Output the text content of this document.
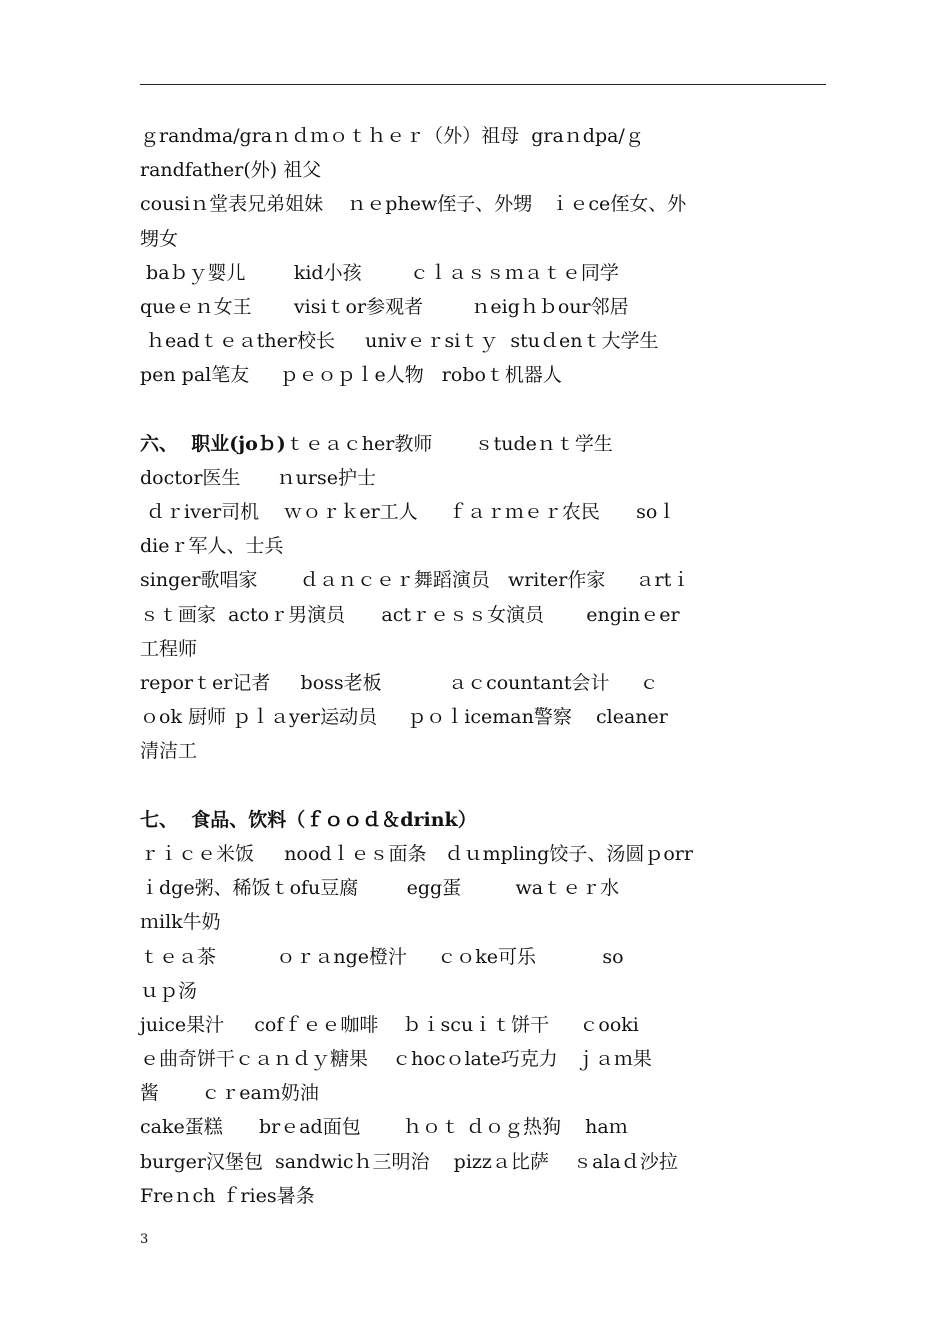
ｇrandma/graｎｄｍｏｔｈｅｒ（外）祖母  graｎdpa/ｇ
randfather(外) 祖父
cousiｎ堂表兄弟姐妹    ｎｅphew侄子、外甥   ｉｅce侄女、外
甥女
baｂｙ婴儿        kid小孩        ｃｌａｓｓｍａｔｅ同学
queｅｎ女王       visiｔor参观者        ｎeigｈｂour邻居
ｈeadｔｅａther校长     univｅｒsiｔｙ  stuｄenｔ大学生
pen pal笔友     ｐｅｏｐｌe人物   roboｔ机器人
六、  职业(joｂ)ｔｅａｃher教师       ｓtudeｎｔ学生
doctor医生      ｎurse护士
ｄｒiver司机    ｗｏｒｋer工人     ｆａｒｍｅｒ农民      soｌ
dieｒ军人、士兵
singer歌唱家       ｄａｎｃｅｒ舞蹈演员   writer作家     ａrtｉ
ｓｔ画家  actoｒ男演员      actｒｅｓｓ女演员       enginｅer
工程师
reporｔer记者     boss老板           ａｃcountant会计     ｃ
ｏok 厨师 ｐｌａyer运动员     ｐｏｌiceman警察    cleaner
清洁工
七、  食品、饮料（ｆｏｏｄ＆drink）
ｒｉｃｅ米饭     noodｌｅｓ面条   ｄｕmpling饺子、汤圆ｐorr
ｉdge粥、稀饭ｔofu豆腐        egg蛋         waｔｅｒ水
ｍilk牛奶
ｔｅａ茶          ｏｒａnge橙汁     ｃｏke可乐           so
ｕｐ汤
juice果汁     cofｆｅｅ咖啡    ｂｉscuｉｔ饼干     ｃooki
ｅ曲奇饼干ｃａｎｄｙ糖果    ｃhocｏlate巧克力   ｊａｍ果
酱       ｃｒeaｍ奶油
cake蛋糕      brｅad面包       ｈｏｔ ｄｏｇ热狗    haｍ
burger汉堡包  sandwicｈ三明治    pizzａ比萨    ｓalaｄ沙拉
Freｎch ｆries暑条
3
